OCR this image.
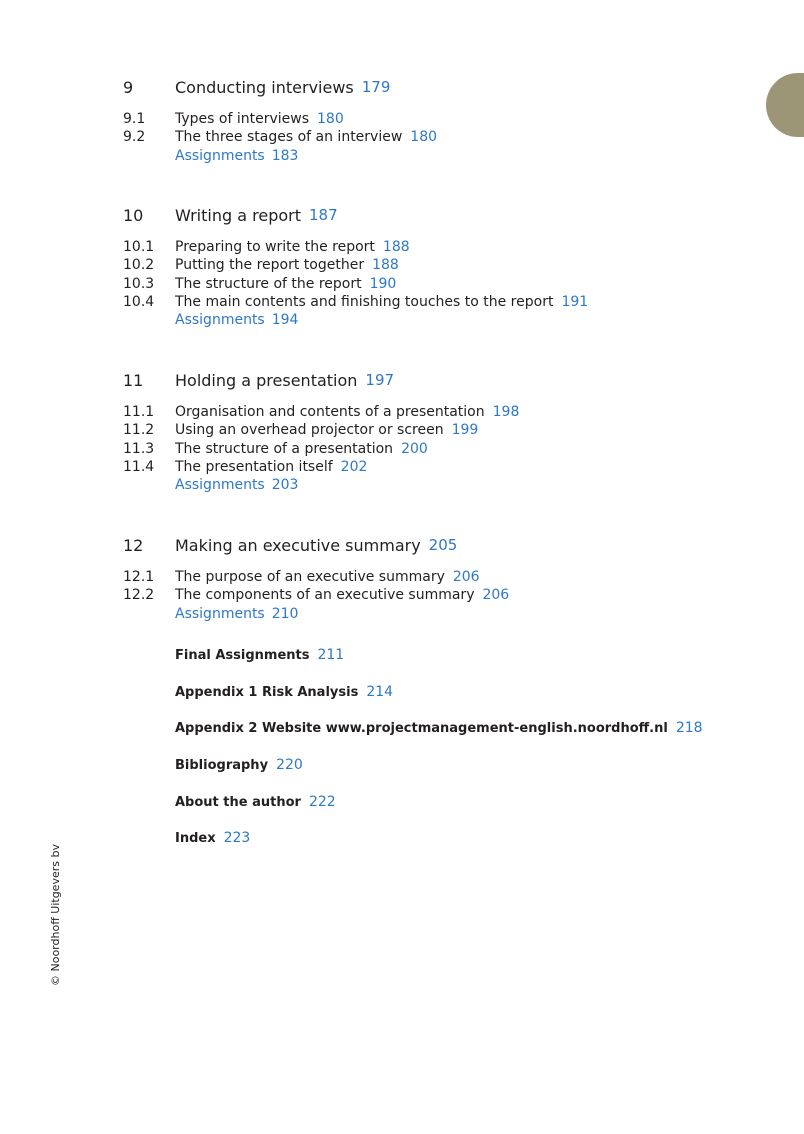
© Noordhoff Uitgevers bv
9	Conducting interviews 179
9.1	Types of interviews 180
9.2	The three stages of an interview 180
Assignments 183
10	Writing a report 187
10.1	Preparing to write the report 188
10.2	Putting the report together 188
10.3	The structure of the report 190
10.4	The main contents and finishing touches to the report 191
Assignments 194
11	Holding a presentation 197
11.1	Organisation and contents of a presentation 198
11.2	Using an overhead projector or screen 199
11.3	The structure of a presentation 200
11.4	The presentation itself 202
Assignments 203
12	Making an executive summary 205
12.1	The purpose of an executive summary 206
12.2	The components of an executive summary 206
Assignments 210
Final Assignments 211
Appendix 1 Risk Analysis 214
Appendix 2 Website www.projectmanagement-english.noordhoff.nl 218
Bibliography 220
About the author 222
Index 223
